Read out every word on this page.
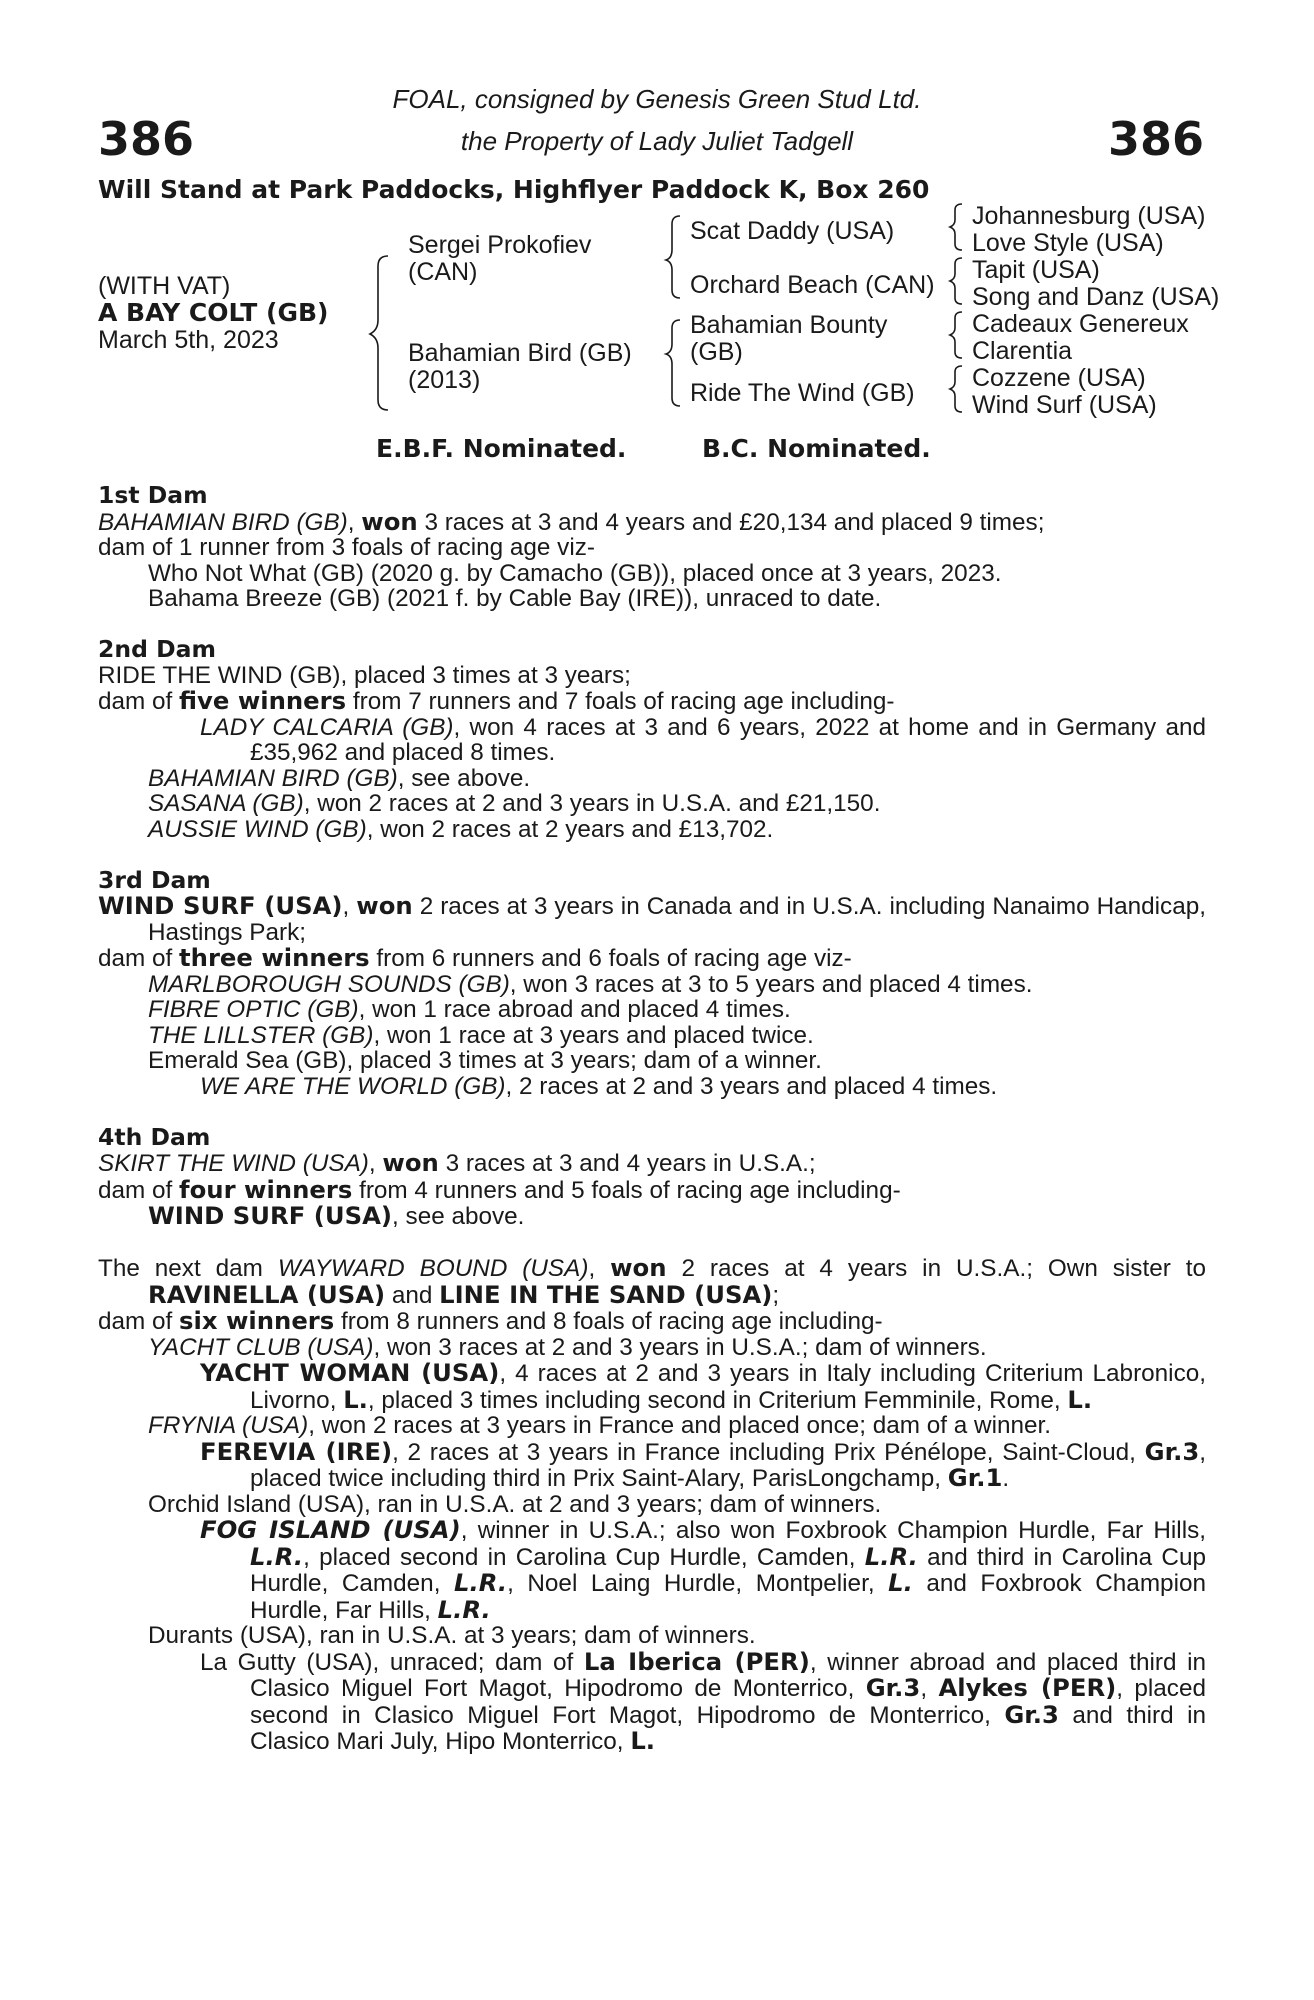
386	386
FOAL, consigned by Genesis Green Stud Ltd.
the Property of Lady Juliet Tadgell
Will Stand at Park Paddocks, Highflyer Paddock K, Box 260
(WITH VAT)
A BAY COLT (GB)
March 5th, 2023
Sergei Prokofiev
(CAN)
Bahamian Bird (GB)
(2013)
Scat Daddy (USA)
Orchard Beach (CAN)
Bahamian Bounty
(GB)
Ride The Wind (GB)
Johannesburg (USA)
Love Style (USA)
Tapit (USA)
Song and Danz (USA)
Cadeaux Genereux
Clarentia
Cozzene (USA)
Wind Surf (USA)
E.B.F. Nominated.	B.C. Nominated.
1st Dam
BAHAMIAN BIRD (GB), won 3 races at 3 and 4 years and £20,134 and placed 9 times;
dam of 1 runner from 3 foals of racing age viz-
Who Not What (GB) (2020 g. by Camacho (GB)), placed once at 3 years, 2023.
Bahama Breeze (GB) (2021 f. by Cable Bay (IRE)), unraced to date.
2nd Dam
RIDE THE WIND (GB), placed 3 times at 3 years;
dam of five winners from 7 runners and 7 foals of racing age including-
LADY CALCARIA (GB), won 4 races at 3 and 6 years, 2022 at home and in Germany and £35,962 and placed 8 times.
BAHAMIAN BIRD (GB), see above.
SASANA (GB), won 2 races at 2 and 3 years in U.S.A. and £21,150.
AUSSIE WIND (GB), won 2 races at 2 years and £13,702.
3rd Dam
WIND SURF (USA), won 2 races at 3 years in Canada and in U.S.A. including Nanaimo Handicap, Hastings Park;
dam of three winners from 6 runners and 6 foals of racing age viz-
MARLBOROUGH SOUNDS (GB), won 3 races at 3 to 5 years and placed 4 times.
FIBRE OPTIC (GB), won 1 race abroad and placed 4 times.
THE LILLSTER (GB), won 1 race at 3 years and placed twice.
Emerald Sea (GB), placed 3 times at 3 years; dam of a winner.
WE ARE THE WORLD (GB), 2 races at 2 and 3 years and placed 4 times.
4th Dam
SKIRT THE WIND (USA), won 3 races at 3 and 4 years in U.S.A.;
dam of four winners from 4 runners and 5 foals of racing age including-
WIND SURF (USA), see above.
The next dam WAYWARD BOUND (USA), won 2 races at 4 years in U.S.A.; Own sister to RAVINELLA (USA) and LINE IN THE SAND (USA);
dam of six winners from 8 runners and 8 foals of racing age including-
YACHT CLUB (USA), won 3 races at 2 and 3 years in U.S.A.; dam of winners.
YACHT WOMAN (USA), 4 races at 2 and 3 years in Italy including Criterium Labronico, Livorno, L., placed 3 times including second in Criterium Femminile, Rome, L.
FRYNIA (USA), won 2 races at 3 years in France and placed once; dam of a winner.
FEREVIA (IRE), 2 races at 3 years in France including Prix Pénélope, Saint-Cloud, Gr.3, placed twice including third in Prix Saint-Alary, ParisLongchamp, Gr.1.
Orchid Island (USA), ran in U.S.A. at 2 and 3 years; dam of winners.
FOG ISLAND (USA), winner in U.S.A.; also won Foxbrook Champion Hurdle, Far Hills, L.R., placed second in Carolina Cup Hurdle, Camden, L.R. and third in Carolina Cup Hurdle, Camden, L.R., Noel Laing Hurdle, Montpelier, L. and Foxbrook Champion Hurdle, Far Hills, L.R.
Durants (USA), ran in U.S.A. at 3 years; dam of winners.
La Gutty (USA), unraced; dam of La Iberica (PER), winner abroad and placed third in Clasico Miguel Fort Magot, Hipodromo de Monterrico, Gr.3, Alykes (PER), placed second in Clasico Miguel Fort Magot, Hipodromo de Monterrico, Gr.3 and third in Clasico Mari July, Hipo Monterrico, L.
